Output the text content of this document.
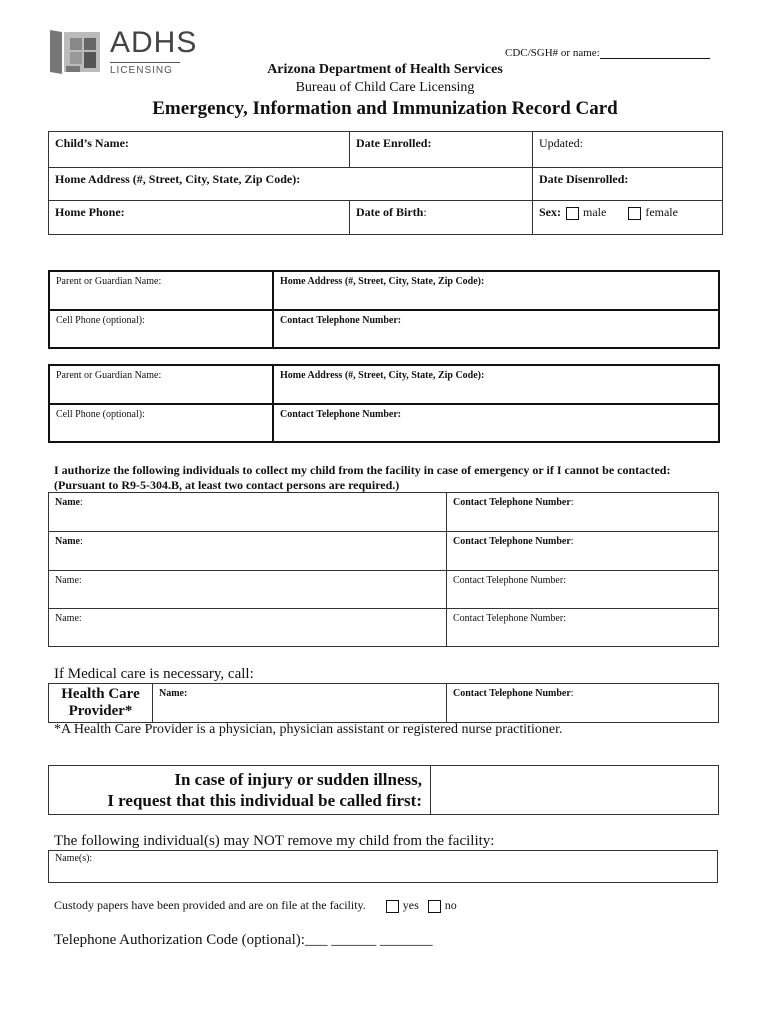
ADHS
LICENSING
CDC/SGH# or name:
Arizona Department of Health Services
Bureau of Child Care Licensing
Emergency, Information and Immunization Record Card
Child’s Name:	Date Enrolled:	Updated:
Home Address (#, Street, City, State, Zip Code):		Date Disenrolled:
Home Phone:	Date of Birth:	Sex: male female
Parent or Guardian Name:	Home Address (#, Street, City, State, Zip Code):
Cell Phone (optional):	Contact Telephone Number:
Parent or Guardian Name:	Home Address (#, Street, City, State, Zip Code):
Cell Phone (optional):	Contact Telephone Number:
I authorize the following individuals to collect my child from the facility in case of emergency or if I cannot be contacted:
(Pursuant to R9-5-304.B, at least two contact persons are required.)
Name:	Contact Telephone Number:
Name:	Contact Telephone Number:
Name:	Contact Telephone Number:
Name:	Contact Telephone Number:
If Medical care is necessary, call:
Health Care
Provider*
	Name:	Contact Telephone Number:
*A Health Care Provider is a physician, physician assistant or registered nurse practitioner.
In case of injury or sudden illness,
I request that this individual be called first:

The following individual(s) may NOT remove my child from the facility:
Name(s):
Custody papers have been provided and are on file at the facility.	yes no
Telephone Authorization Code (optional):___ ______ _______
